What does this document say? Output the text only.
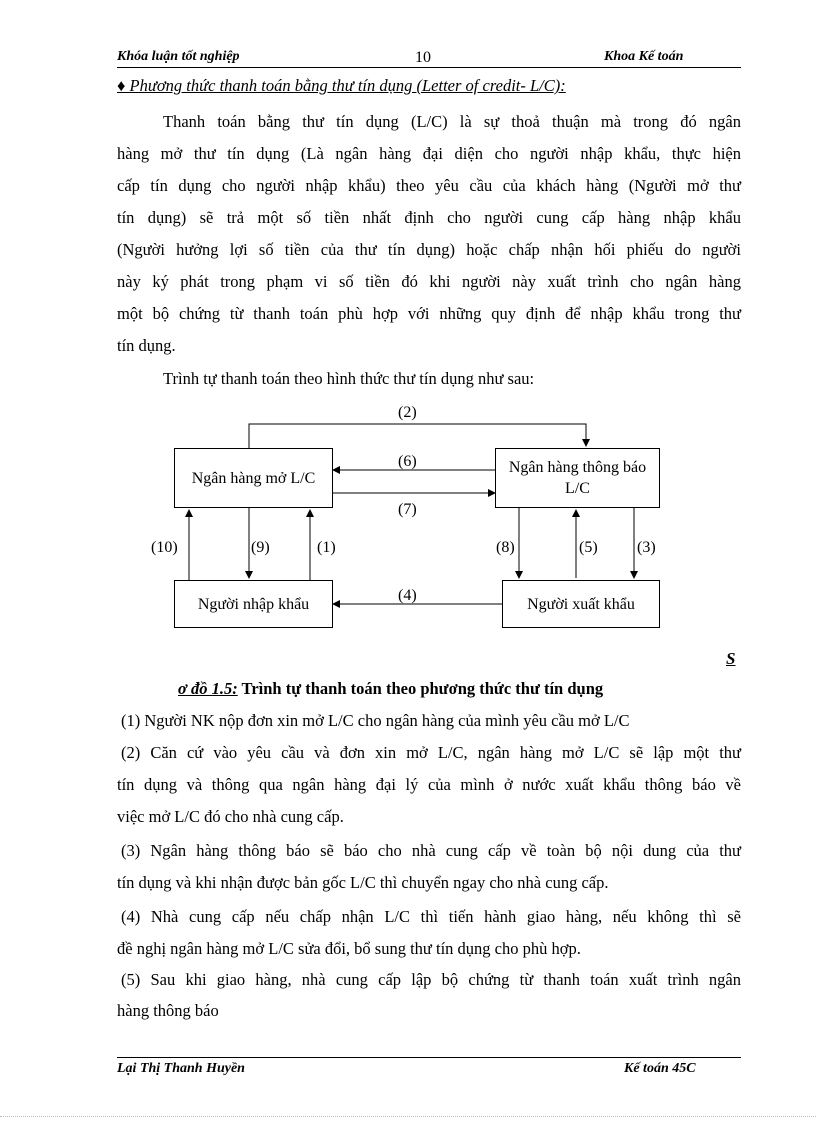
Khóa luận tốt nghiệp	10	Khoa Kế toán
♦ Phương thức thanh toán bằng thư tín dụng (Letter of credit- L/C):
Thanh toán bằng thư tín dụng (L/C) là sự thoả thuận mà trong đó ngân
hàng mở thư tín dụng (Là ngân hàng đại diện cho người nhập khẩu, thực hiện
cấp tín dụng cho người nhập khẩu) theo yêu cầu của khách hàng (Người mở thư
tín dụng) sẽ trả một số tiền nhất định cho người cung cấp hàng nhập khẩu
(Người hưởng lợi số tiền của thư tín dụng) hoặc chấp nhận hối phiếu do người
này ký phát trong phạm vi số tiền đó khi người này xuất trình cho ngân hàng
một bộ chứng từ thanh toán phù hợp với những quy định để nhập khẩu trong thư
tín dụng.
Trình tự thanh toán theo hình thức thư tín dụng như sau:
Ngân hàng mở L/C
Ngân hàng thông báo L/C
Người nhập khẩu	Người xuất khẩu
(2)
(6)
(7)
(10)	(9)	(1)	(8)	(5) (3)
(4)
S
ơ đồ 1.5: Trình tự thanh toán theo phương thức thư tín dụng
(1) Người NK nộp đơn xin mở L/C cho ngân hàng của mình yêu cầu mở L/C
(2) Căn cứ vào yêu cầu và đơn xin mở L/C, ngân hàng mở L/C sẽ lập một thư
tín dụng và thông qua ngân hàng đại lý của mình ở nước xuất khẩu thông báo về
việc mở L/C đó cho nhà cung cấp.
(3) Ngân hàng thông báo sẽ báo cho nhà cung cấp về toàn bộ nội dung của thư
tín dụng và khi nhận được bản gốc L/C thì chuyển ngay cho nhà cung cấp.
(4) Nhà cung cấp nếu chấp nhận L/C thì tiến hành giao hàng, nếu không thì sẽ
đề nghị ngân hàng mở L/C sửa đổi, bổ sung thư tín dụng cho phù hợp.
(5) Sau khi giao hàng, nhà cung cấp lập bộ chứng từ thanh toán xuất trình ngân
hàng thông báo
Lại Thị Thanh Huyền	Kế toán 45C
